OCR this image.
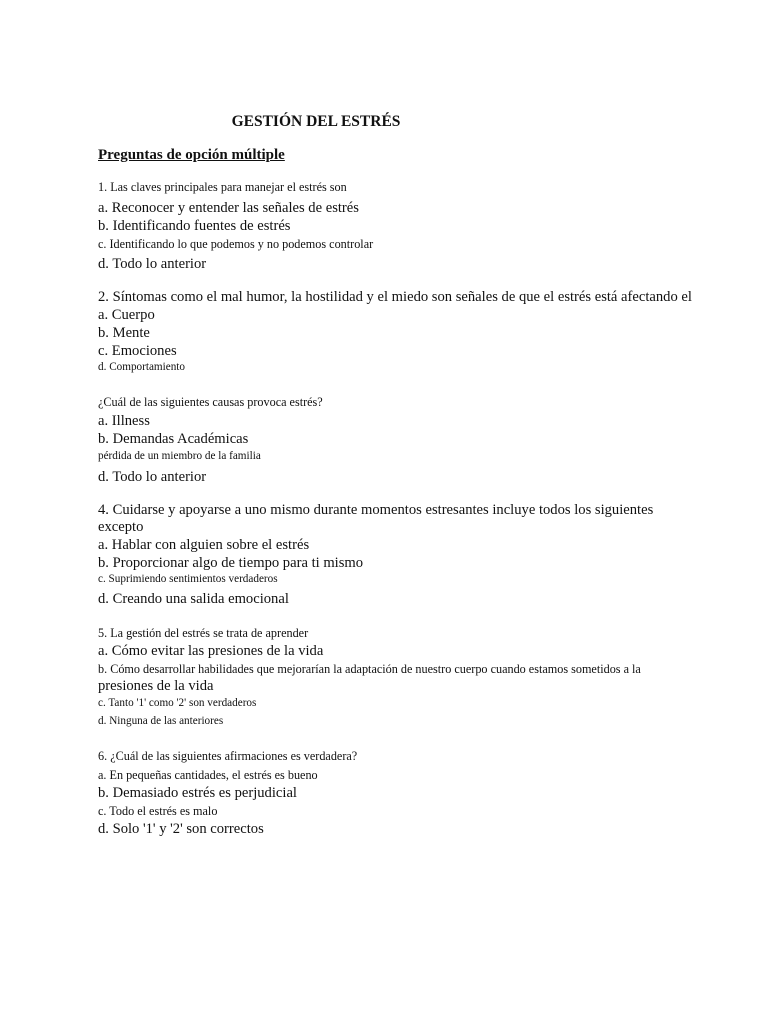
GESTIÓN DEL ESTRÉS
Preguntas de opción múltiple
1. Las claves principales para manejar el estrés son
a. Reconocer y entender las señales de estrés
b. Identificando fuentes de estrés
c. Identificando lo que podemos y no podemos controlar
d. Todo lo anterior
2. Síntomas como el mal humor, la hostilidad y el miedo son señales de que el estrés está afectando el
a. Cuerpo
b. Mente
c. Emociones
d. Comportamiento
¿Cuál de las siguientes causas provoca estrés?
a. Illness
b. Demandas Académicas
pérdida de un miembro de la familia
d. Todo lo anterior
4. Cuidarse y apoyarse a uno mismo durante momentos estresantes incluye todos los siguientes excepto
a. Hablar con alguien sobre el estrés
b. Proporcionar algo de tiempo para ti mismo
c. Suprimiendo sentimientos verdaderos
d. Creando una salida emocional
5. La gestión del estrés se trata de aprender
a. Cómo evitar las presiones de la vida
b. Cómo desarrollar habilidades que mejorarían la adaptación de nuestro cuerpo cuando estamos sometidos a la
presiones de la vida
c. Tanto '1' como '2' son verdaderos
d. Ninguna de las anteriores
6. ¿Cuál de las siguientes afirmaciones es verdadera?
a. En pequeñas cantidades, el estrés es bueno
b. Demasiado estrés es perjudicial
c. Todo el estrés es malo
d. Solo '1' y '2' son correctos
